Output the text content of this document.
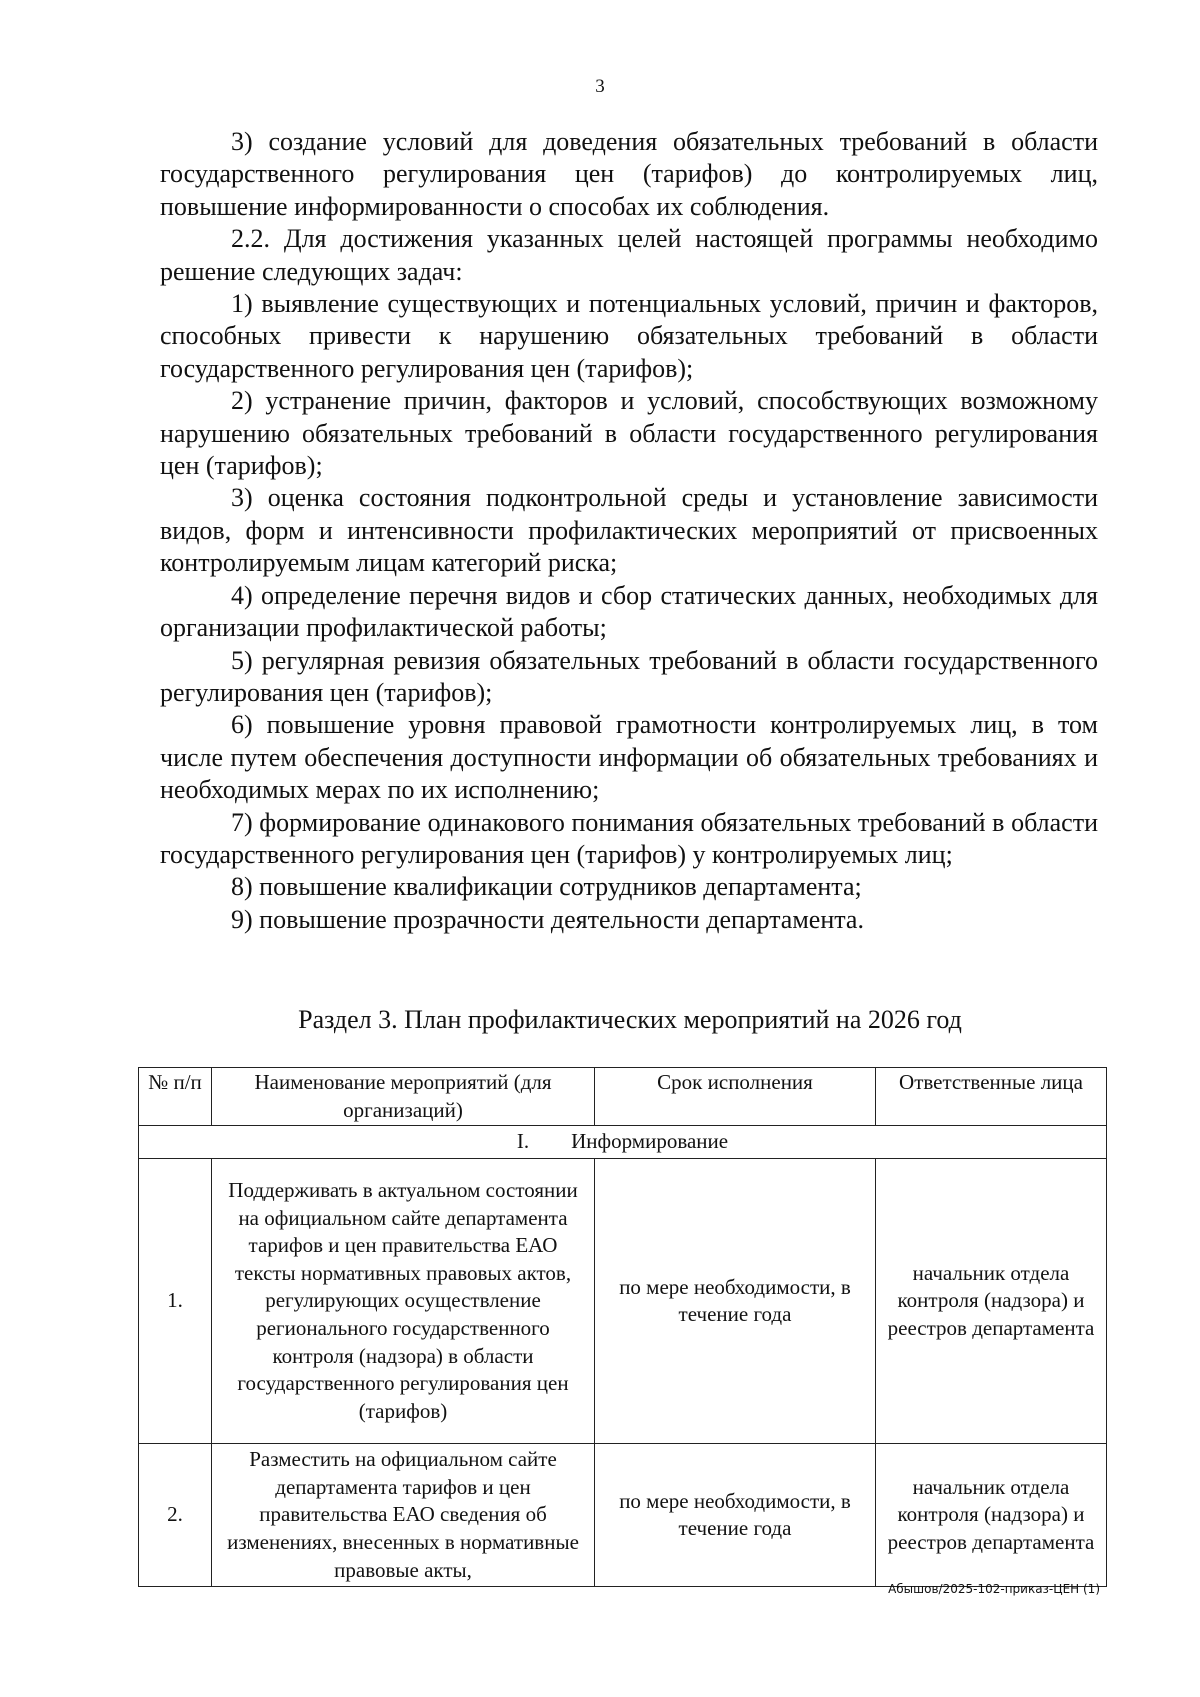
3

3) создание условий для доведения обязательных требований в области государственного регулирования цен (тарифов) до контролируемых лиц, повышение информированности о способах их соблюдения.

2.2. Для достижения указанных целей настоящей программы необходимо решение следующих задач:

1) выявление существующих и потенциальных условий, причин и факторов, способных привести к нарушению обязательных требований в области государственного регулирования цен (тарифов);

2) устранение причин, факторов и условий, способствующих возможному нарушению обязательных требований в области государственного регулирования цен (тарифов);

3) оценка состояния подконтрольной среды и установление зависимости видов, форм и интенсивности профилактических мероприятий от присвоенных контролируемым лицам категорий риска;

4) определение перечня видов и сбор статических данных, необходимых для организации профилактической работы;

5) регулярная ревизия обязательных требований в области государственного регулирования цен (тарифов);

6) повышение уровня правовой грамотности контролируемых лиц, в том числе путем обеспечения доступности информации об обязательных требованиях и необходимых мерах по их исполнению;

7) формирование одинакового понимания обязательных требований в области государственного регулирования цен (тарифов) у контролируемых лиц;

8) повышение квалификации сотрудников департамента;

9) повышение прозрачности деятельности департамента.

Раздел 3. План профилактических мероприятий на 2026 год
№ п/п	Наименование мероприятий (для организаций)	Срок исполнения	Ответственные лица
I.        Информирование			
1.	Поддерживать в актуальном состоянии на официальном сайте департамента тарифов и цен правительства ЕАО тексты нормативных правовых актов, регулирующих осуществление регионального государственного контроля (надзора) в области государственного регулирования цен (тарифов)	по мере необходимости, в течение года	начальник отдела контроля (надзора) и реестров департамента
2.	Разместить на официальном сайте департамента тарифов и цен правительства ЕАО сведения об изменениях, внесенных в нормативные правовые акты,	по мере необходимости, в течение года	начальник отдела контроля (надзора) и реестров департамента
Абышов/2025-102-приказ-ЦЕН (1)
